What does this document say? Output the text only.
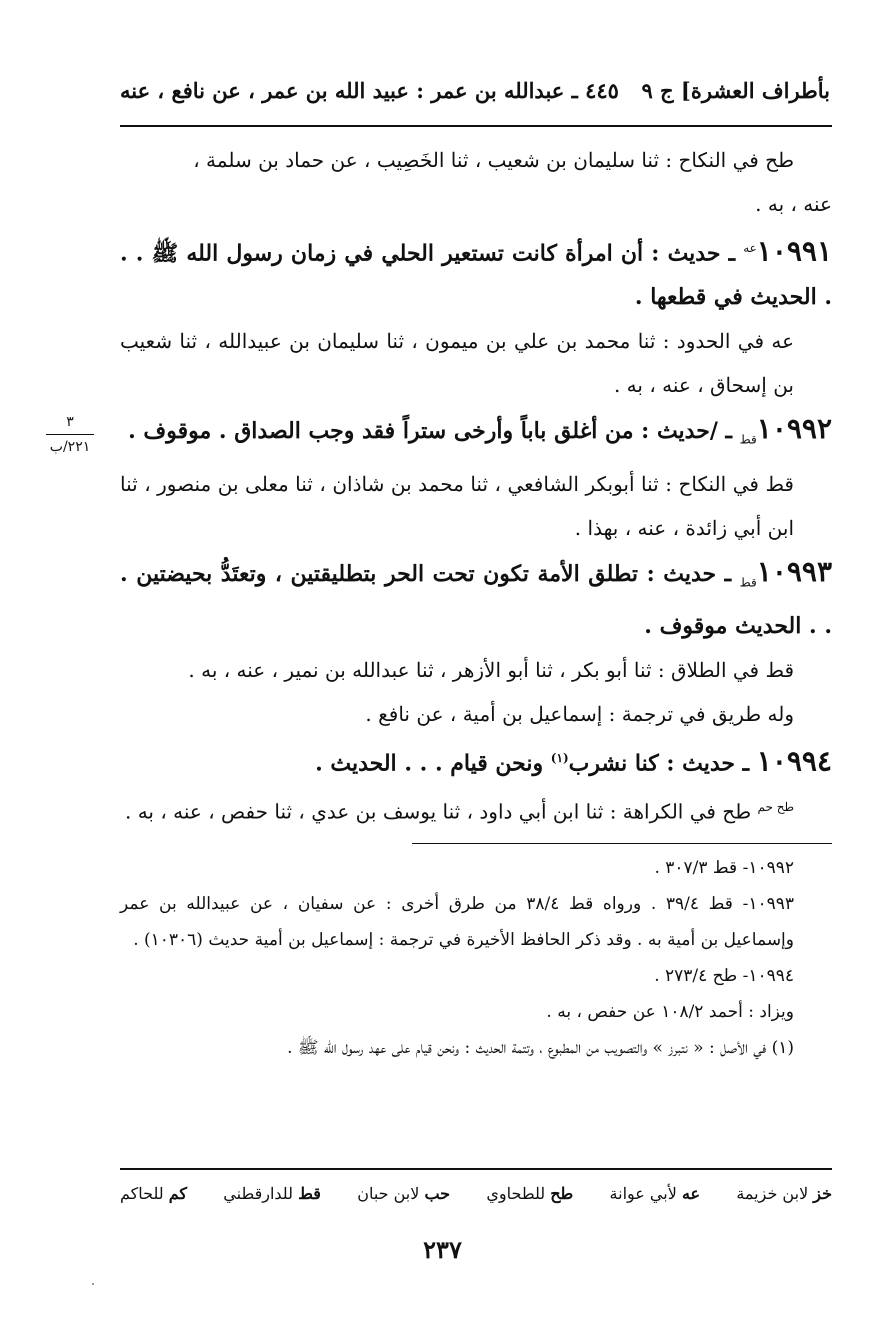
بأطراف العشرة] ج ٩
٤٤٥ ـ عبدالله بن عمر : عبيد الله بن عمر ، عن نافع ، عنه

طح في النكاح : ثنا سليمان بن شعيب ، ثنا الخَصِيب ، عن حماد بن سلمة ،

عنه ، به .

$١٠٩٩١^{عه}$ ـ حديث : أن امرأة كانت تستعير الحلي في زمان رسول الله ﷺ . . . الحديث في قطعها .

عه في الحدود : ثنا محمد بن علي بن ميمون ، ثنا سليمان بن عبيدالله ، ثنا شعيب بن إسحاق ، عنه ، به .

$١٠٩٩٢_{قط}$ ـ /حديث : من أغلق باباً وأرخى ستراً فقد وجب الصداق . موقوف .

قط في النكاح : ثنا أبوبكر الشافعي ، ثنا محمد بن شاذان ، ثنا معلى بن منصور ، ثنا ابن أبي زائدة ، عنه ، بهذا .

$١٠٩٩٣_{قط}$ ـ حديث : تطلق الأمة تكون تحت الحر بتطليقتين ، وتعتَدُّ بحيضتين . . . الحديث موقوف .

قط في الطلاق : ثنا أبو بكر ، ثنا أبو الأزهر ، ثنا عبدالله بن نمير ، عنه ، به .

وله طريق في ترجمة : إسماعيل بن أمية ، عن نافع .

١٠٩٩٤ ـ حديث : كنا نشرب$^{(١)}$ ونحن قيام . . . الحديث .

$^{طح حم}$ طح في الكراهة : ثنا ابن أبي داود ، ثنا يوسف بن عدي ، ثنا حفص ، عنه ، به .

٣
٢٢١/ب

١٠٩٩٢- قط ٣٠٧/٣ .

١٠٩٩٣- قط ٣٩/٤ . ورواه قط ٣٨/٤ من طرق أخرى : عن سفيان ، عن عبيدالله بن عمر وإسماعيل بن أمية به . وقد ذكر الحافظ الأخيرة في ترجمة : إسماعيل بن أمية حديث (١٠٣٠٦) .

١٠٩٩٤- طح ٢٧٣/٤ .

ويزاد : أحمد ١٠٨/٢ عن حفص ، به .

(١) في الأصل : « نتبرز » والتصويب من المطبوع ، وتتمة الحديث : ونحن قيام على عهد رسول الله ﷺ .

خز لابن خزيمة
عه لأبي عوانة
طح للطحاوي
حب لابن حبان
قط للدارقطني
كم للحاكم
٢٣٧
